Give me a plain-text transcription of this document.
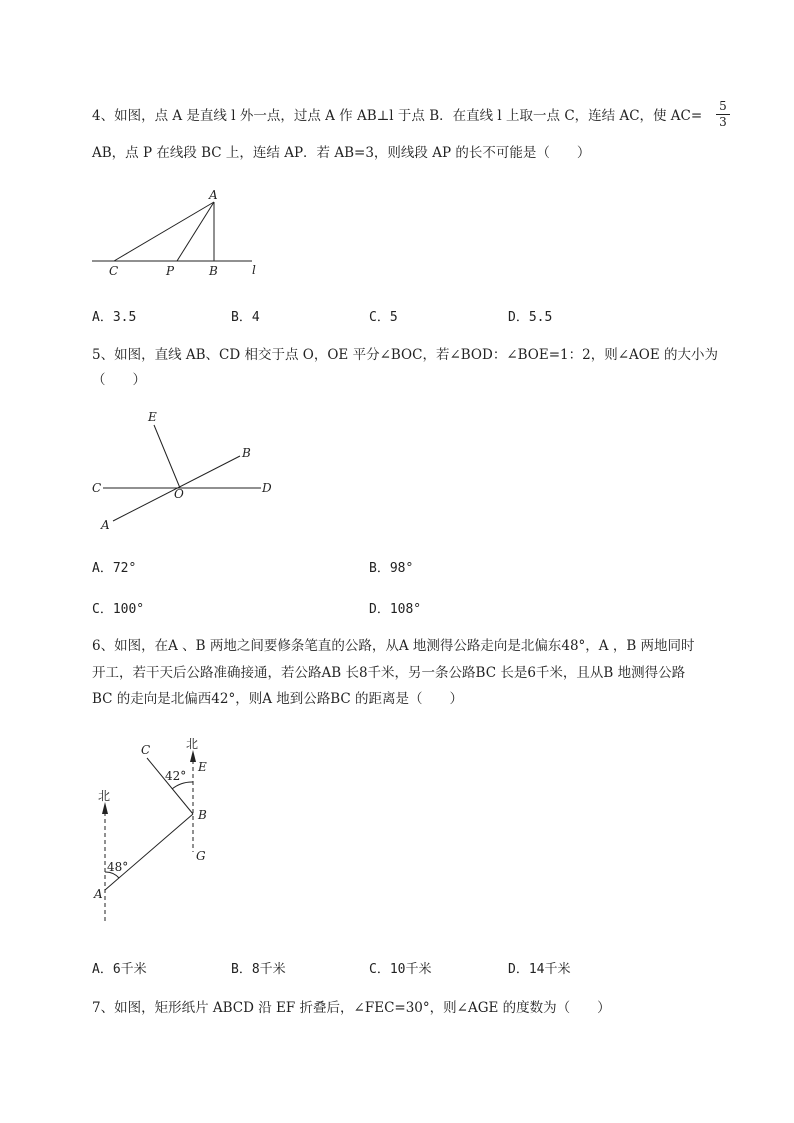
4、如图，点 A 是直线 l 外一点，过点 A 作 AB⊥l 于点 B．在直线 l 上取一点 C，连结 AC，使 AC=
5
3
AB，点 P 在线段 BC 上，连结 AP．若 AB=3，则线段 AP 的长不可能是（　　）
A
C	P	B	l
A．3.5	B．4	C．5	D．5.5
5、如图，直线 AB、CD 相交于点 O，OE 平分∠BOC，若∠BOD：∠BOE=1：2，则∠AOE 的大小为
（　　）
E
B
C	O	D
A
A．72°	B．98°
C．100°	D．108°
6、如图，在A 、B 两地之间要修条笔直的公路，从A 地测得公路走向是北偏东48°，A ，B 两地同时
开工，若干天后公路准确接通，若公路AB 长8千米，另一条公路BC 长是6千米，且从B 地测得公路
BC 的走向是北偏西42°，则A 地到公路BC 的距离是（　　）
北
北
C
E
B
G
A
42°
48°
A．6千米	B．8千米	C．10千米	D．14千米
7、如图，矩形纸片 ABCD 沿 EF 折叠后，∠FEC=30°，则∠AGE 的度数为（　　）
